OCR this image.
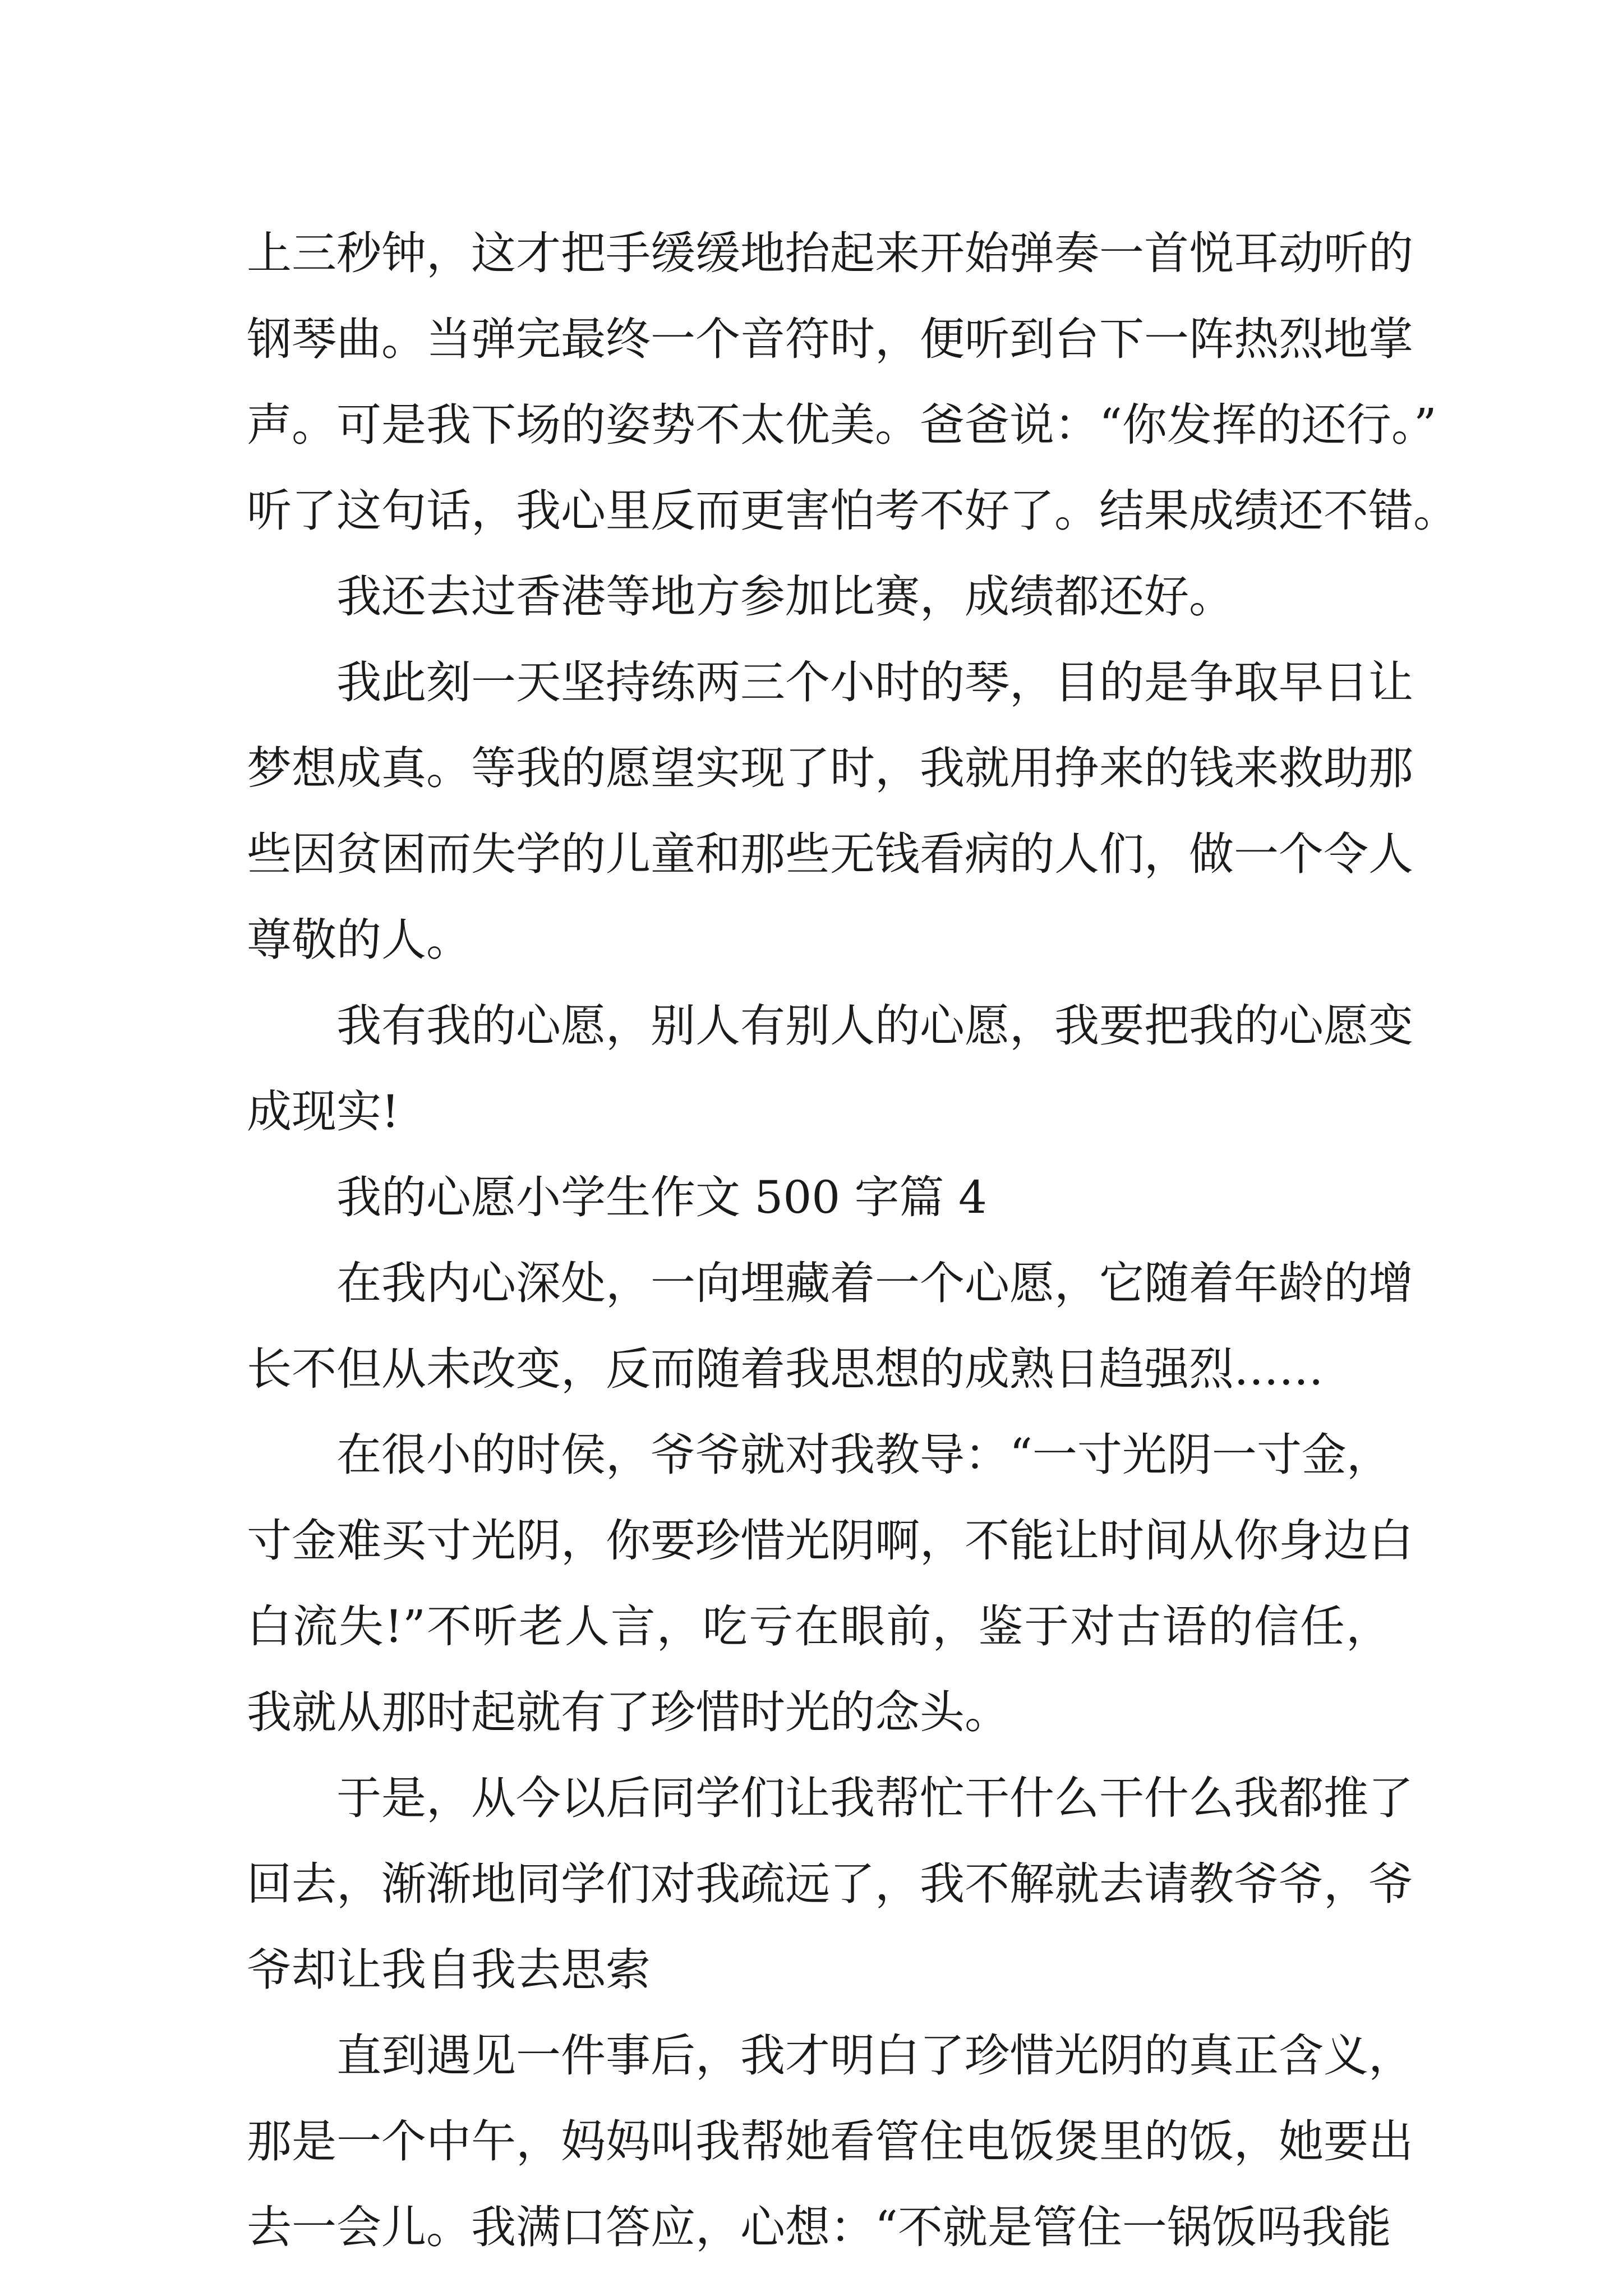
上三秒钟，这才把手缓缓地抬起来开始弹奏一首悦耳动听的
钢琴曲。当弹完最终一个音符时，便听到台下一阵热烈地掌
声。可是我下场的姿势不太优美。爸爸说：“你发挥的还行。”
听了这句话，我心里反而更害怕考不好了。结果成绩还不错。
我还去过香港等地方参加比赛，成绩都还好。
我此刻一天坚持练两三个小时的琴，目的是争取早日让
梦想成真。等我的愿望实现了时，我就用挣来的钱来救助那
些因贫困而失学的儿童和那些无钱看病的人们，做一个令人
尊敬的人。
我有我的心愿，别人有别人的心愿，我要把我的心愿变
成现实!
我的心愿小学生作文 500 字篇 4
在我内心深处，一向埋藏着一个心愿，它随着年龄的增
长不但从未改变，反而随着我思想的成熟日趋强烈……
在很小的时侯，爷爷就对我教导：“一寸光阴一寸金，
寸金难买寸光阴，你要珍惜光阴啊，不能让时间从你身边白
白流失!”不听老人言，吃亏在眼前，鉴于对古语的信任，
我就从那时起就有了珍惜时光的念头。
于是，从今以后同学们让我帮忙干什么干什么我都推了
回去，渐渐地同学们对我疏远了，我不解就去请教爷爷，爷
爷却让我自我去思索
直到遇见一件事后，我才明白了珍惜光阴的真正含义，
那是一个中午，妈妈叫我帮她看管住电饭煲里的饭，她要出
去一会儿。我满口答应，心想：“不就是管住一锅饭吗我能
